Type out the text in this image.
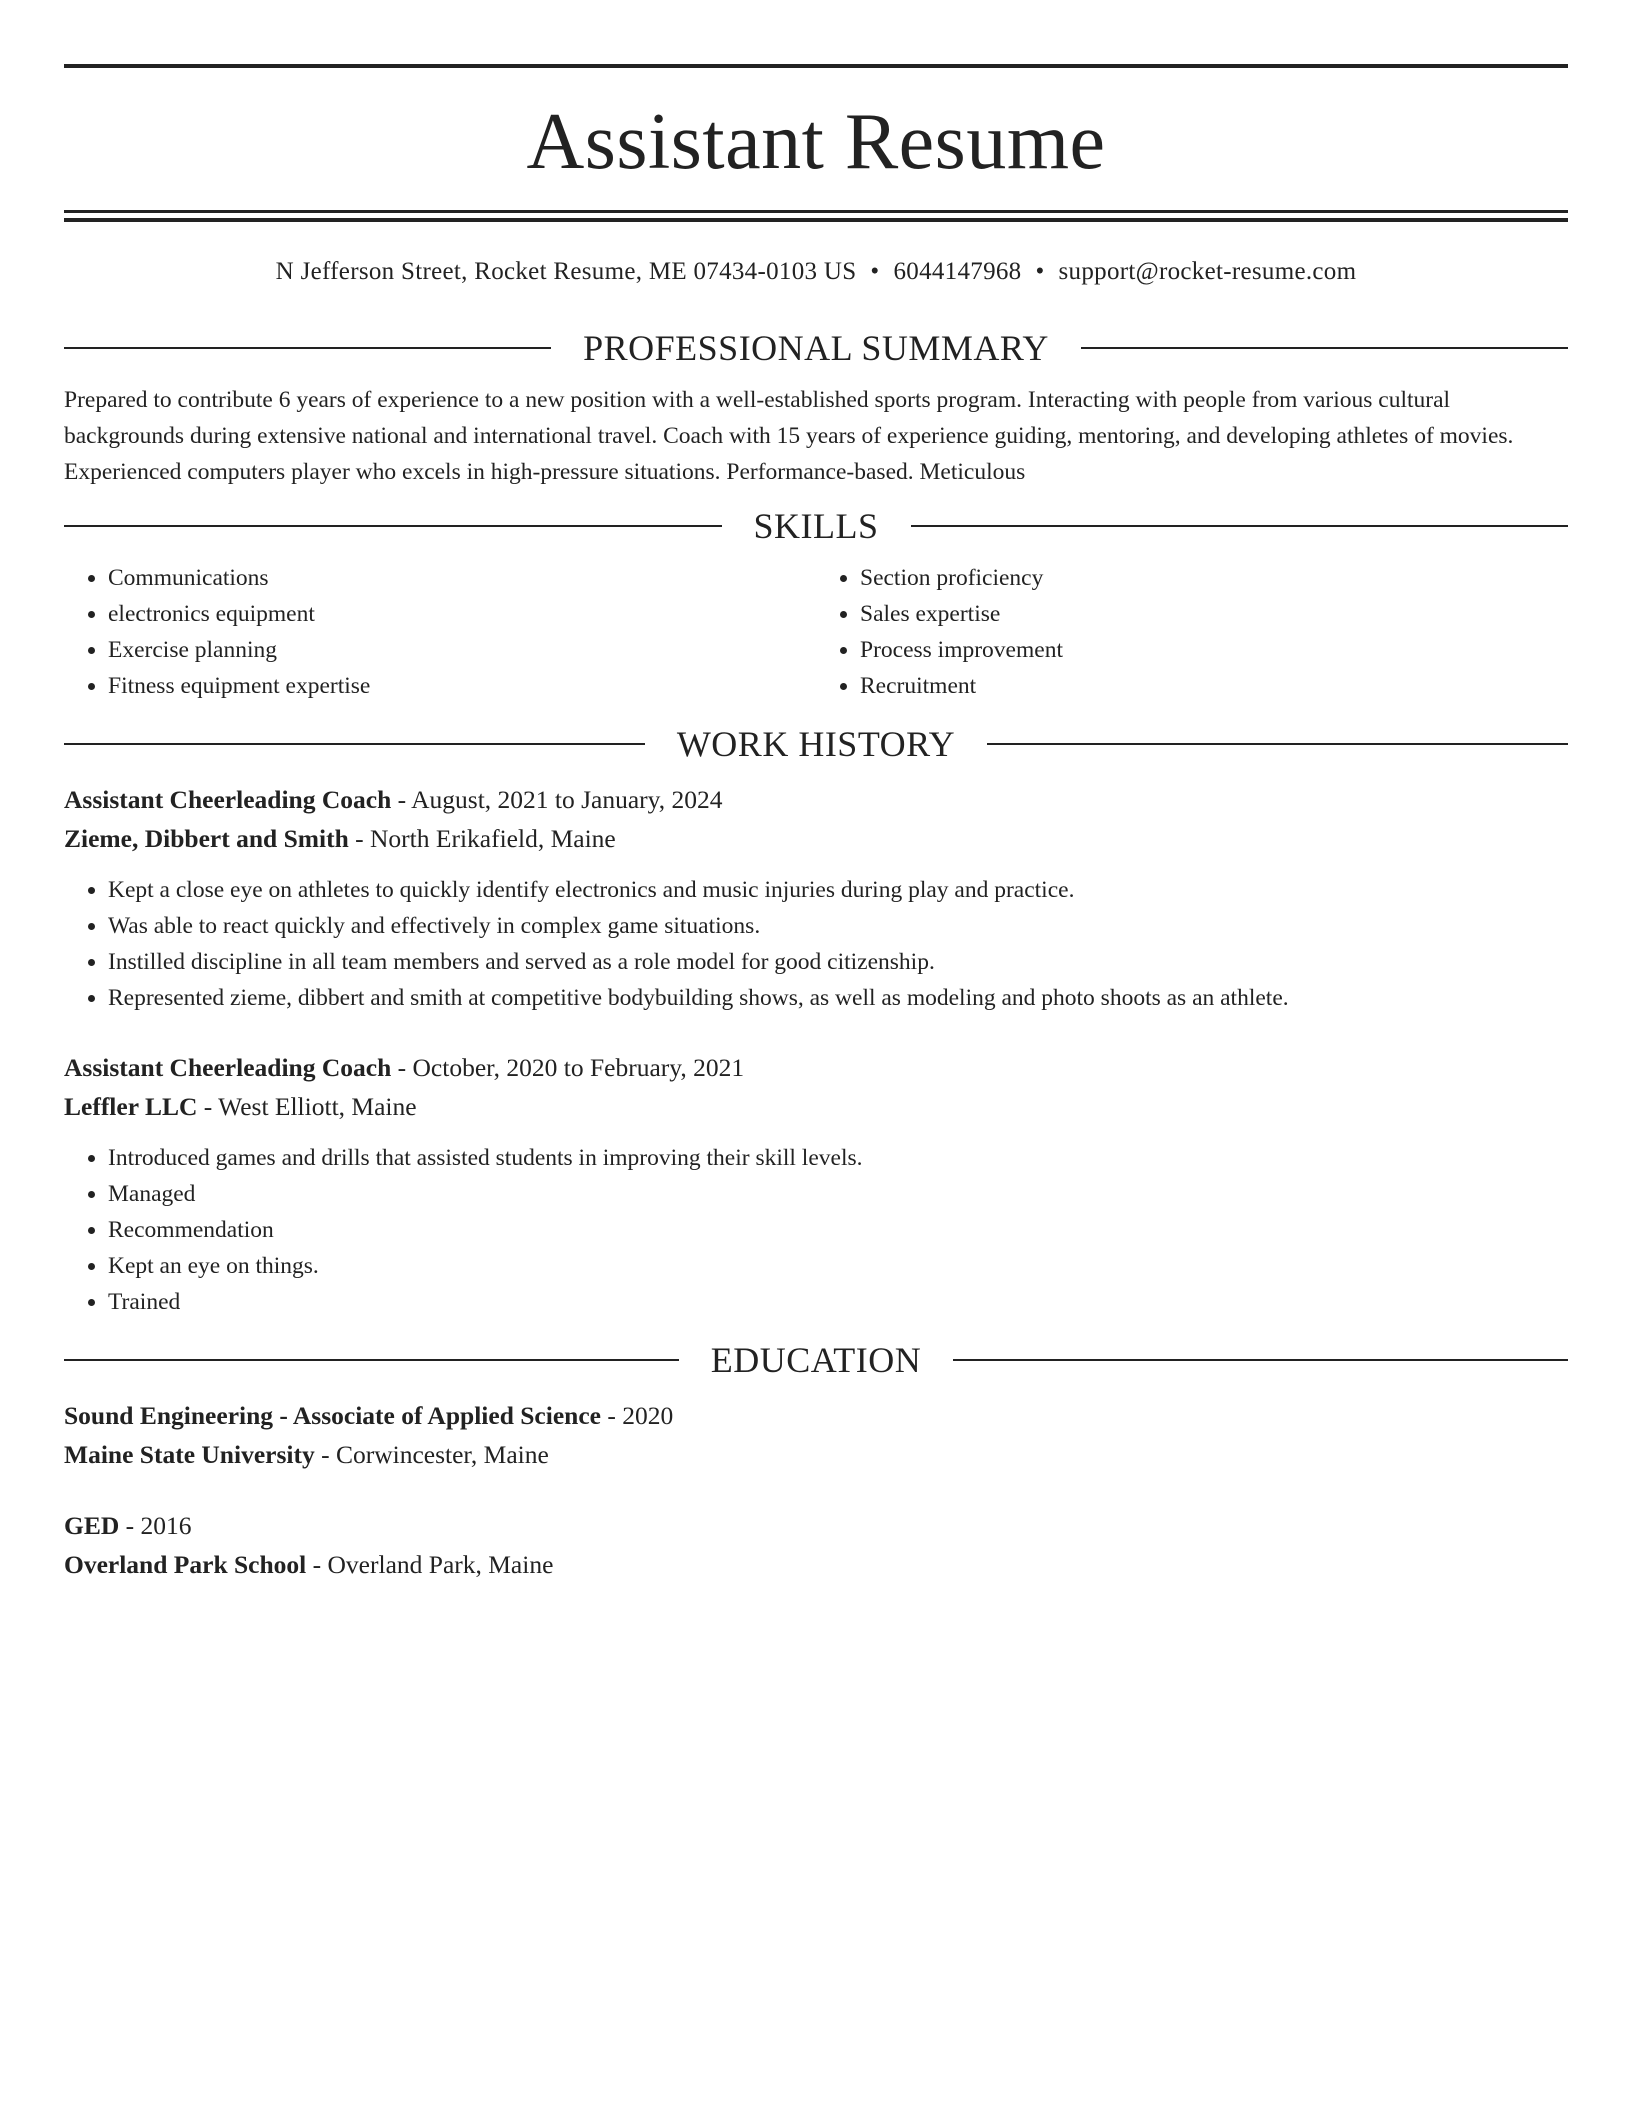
Assistant Resume
N Jefferson Street, Rocket Resume, ME 07434-0103 US • 6044147968 • support@rocket-resume.com
PROFESSIONAL SUMMARY

Prepared to contribute 6 years of experience to a new position with a well-established sports program. Interacting with people from various cultural backgrounds during extensive national and international travel. Coach with 15 years of experience guiding, mentoring, and developing athletes of movies. Experienced computers player who excels in high-pressure situations. Performance-based. Meticulous

SKILLS
• Communications
• electronics equipment
• Exercise planning
• Fitness equipment expertise
• Section proficiency
• Sales expertise
• Process improvement
• Recruitment
WORK HISTORY

Assistant Cheerleading Coach - August, 2021 to January, 2024

Zieme, Dibbert and Smith - North Erikafield, Maine

• Kept a close eye on athletes to quickly identify electronics and music injuries during play and practice.
• Was able to react quickly and effectively in complex game situations.
• Instilled discipline in all team members and served as a role model for good citizenship.
• Represented zieme, dibbert and smith at competitive bodybuilding shows, as well as modeling and photo shoots as an athlete.

Assistant Cheerleading Coach - October, 2020 to February, 2021

Leffler LLC - West Elliott, Maine

• Introduced games and drills that assisted students in improving their skill levels.
• Managed
• Recommendation
• Kept an eye on things.
• Trained
EDUCATION

Sound Engineering - Associate of Applied Science - 2020

Maine State University - Corwincester, Maine

GED - 2016

Overland Park School - Overland Park, Maine
